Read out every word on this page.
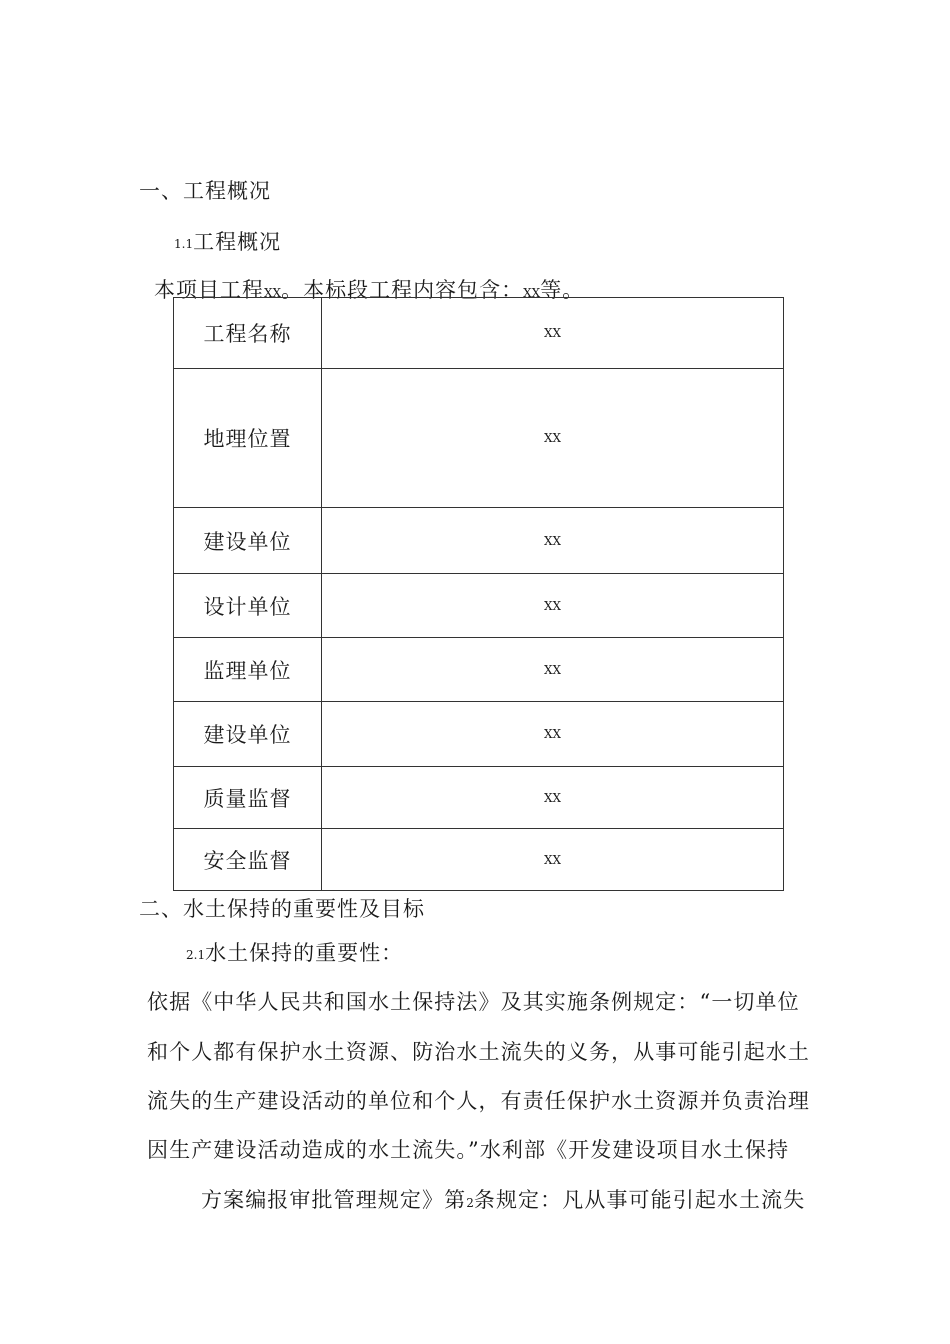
一、工程概况
1.1工程概况
本项目工程XX。本标段工程内容包含：XX等。
工程名称	XX
地理位置	XX
建设单位	XX
设计单位	XX
监理单位	XX
建设单位	XX
质量监督	XX
安全监督	XX
二、水土保持的重要性及目标
2.1水土保持的重要性：
依据《中华人民共和国水土保持法》及其实施条例规定：“一切单位
和个人都有保护水土资源、防治水土流失的义务，从事可能引起水土
流失的生产建设活动的单位和个人，有责任保护水土资源并负责治理
因生产建设活动造成的水土流失。”水利部《开发建设项目水土保持
方案编报审批管理规定》第2条规定：凡从事可能引起水土流失
